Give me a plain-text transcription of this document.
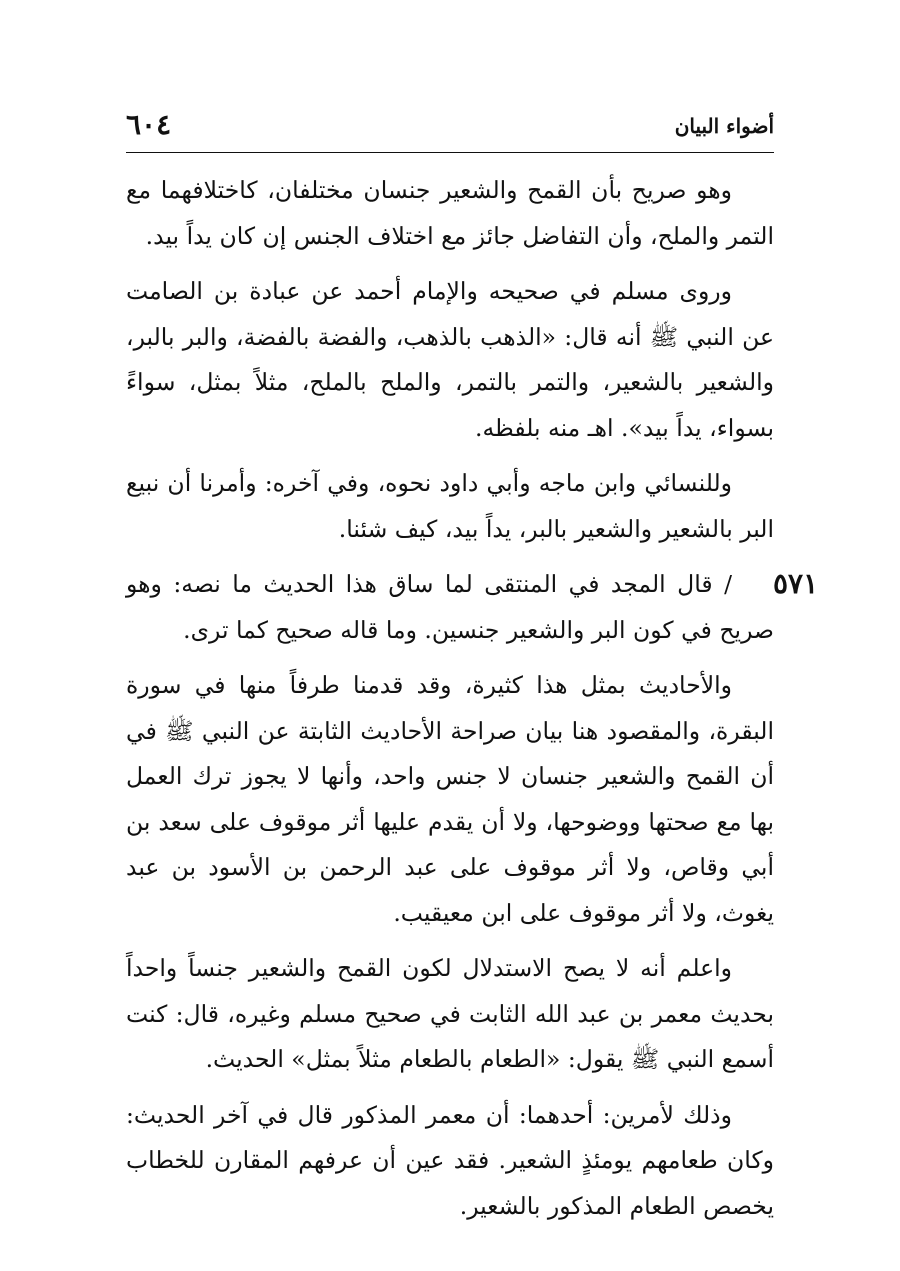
أضواء البيان
٦٠٤
٥٧١

وهو صريح بأن القمح والشعير جنسان مختلفان، كاختلافهما مع التمر والملح، وأن التفاضل جائز مع اختلاف الجنس إن كان يداً بيد.

وروى مسلم في صحيحه والإمام أحمد عن عبادة بن الصامت عن النبي ﷺ أنه قال: «الذهب بالذهب، والفضة بالفضة، والبر بالبر، والشعير بالشعير، والتمر بالتمر، والملح بالملح، مثلاً بمثل، سواءً بسواء، يداً بيد». اهـ منه بلفظه.

وللنسائي وابن ماجه وأبي داود نحوه، وفي آخره: وأمرنا أن نبيع البر بالشعير والشعير بالبر، يداً بيد، كيف شئنا.

/ قال المجد في المنتقى لما ساق هذا الحديث ما نصه: وهو صريح في كون البر والشعير جنسين. وما قاله صحيح كما ترى.

والأحاديث بمثل هذا كثيرة، وقد قدمنا طرفاً منها في سورة البقرة، والمقصود هنا بيان صراحة الأحاديث الثابتة عن النبي ﷺ في أن القمح والشعير جنسان لا جنس واحد، وأنها لا يجوز ترك العمل بها مع صحتها ووضوحها، ولا أن يقدم عليها أثر موقوف على سعد بن أبي وقاص، ولا أثر موقوف على عبد الرحمن بن الأسود بن عبد يغوث، ولا أثر موقوف على ابن معيقيب.

واعلم أنه لا يصح الاستدلال لكون القمح والشعير جنساً واحداً بحديث معمر بن عبد الله الثابت في صحيح مسلم وغيره، قال: كنت أسمع النبي ﷺ يقول: «الطعام بالطعام مثلاً بمثل» الحديث.

وذلك لأمرين: أحدهما: أن معمر المذكور قال في آخر الحديث: وكان طعامهم يومئذٍ الشعير. فقد عين أن عرفهم المقارن للخطاب يخصص الطعام المذكور بالشعير.
